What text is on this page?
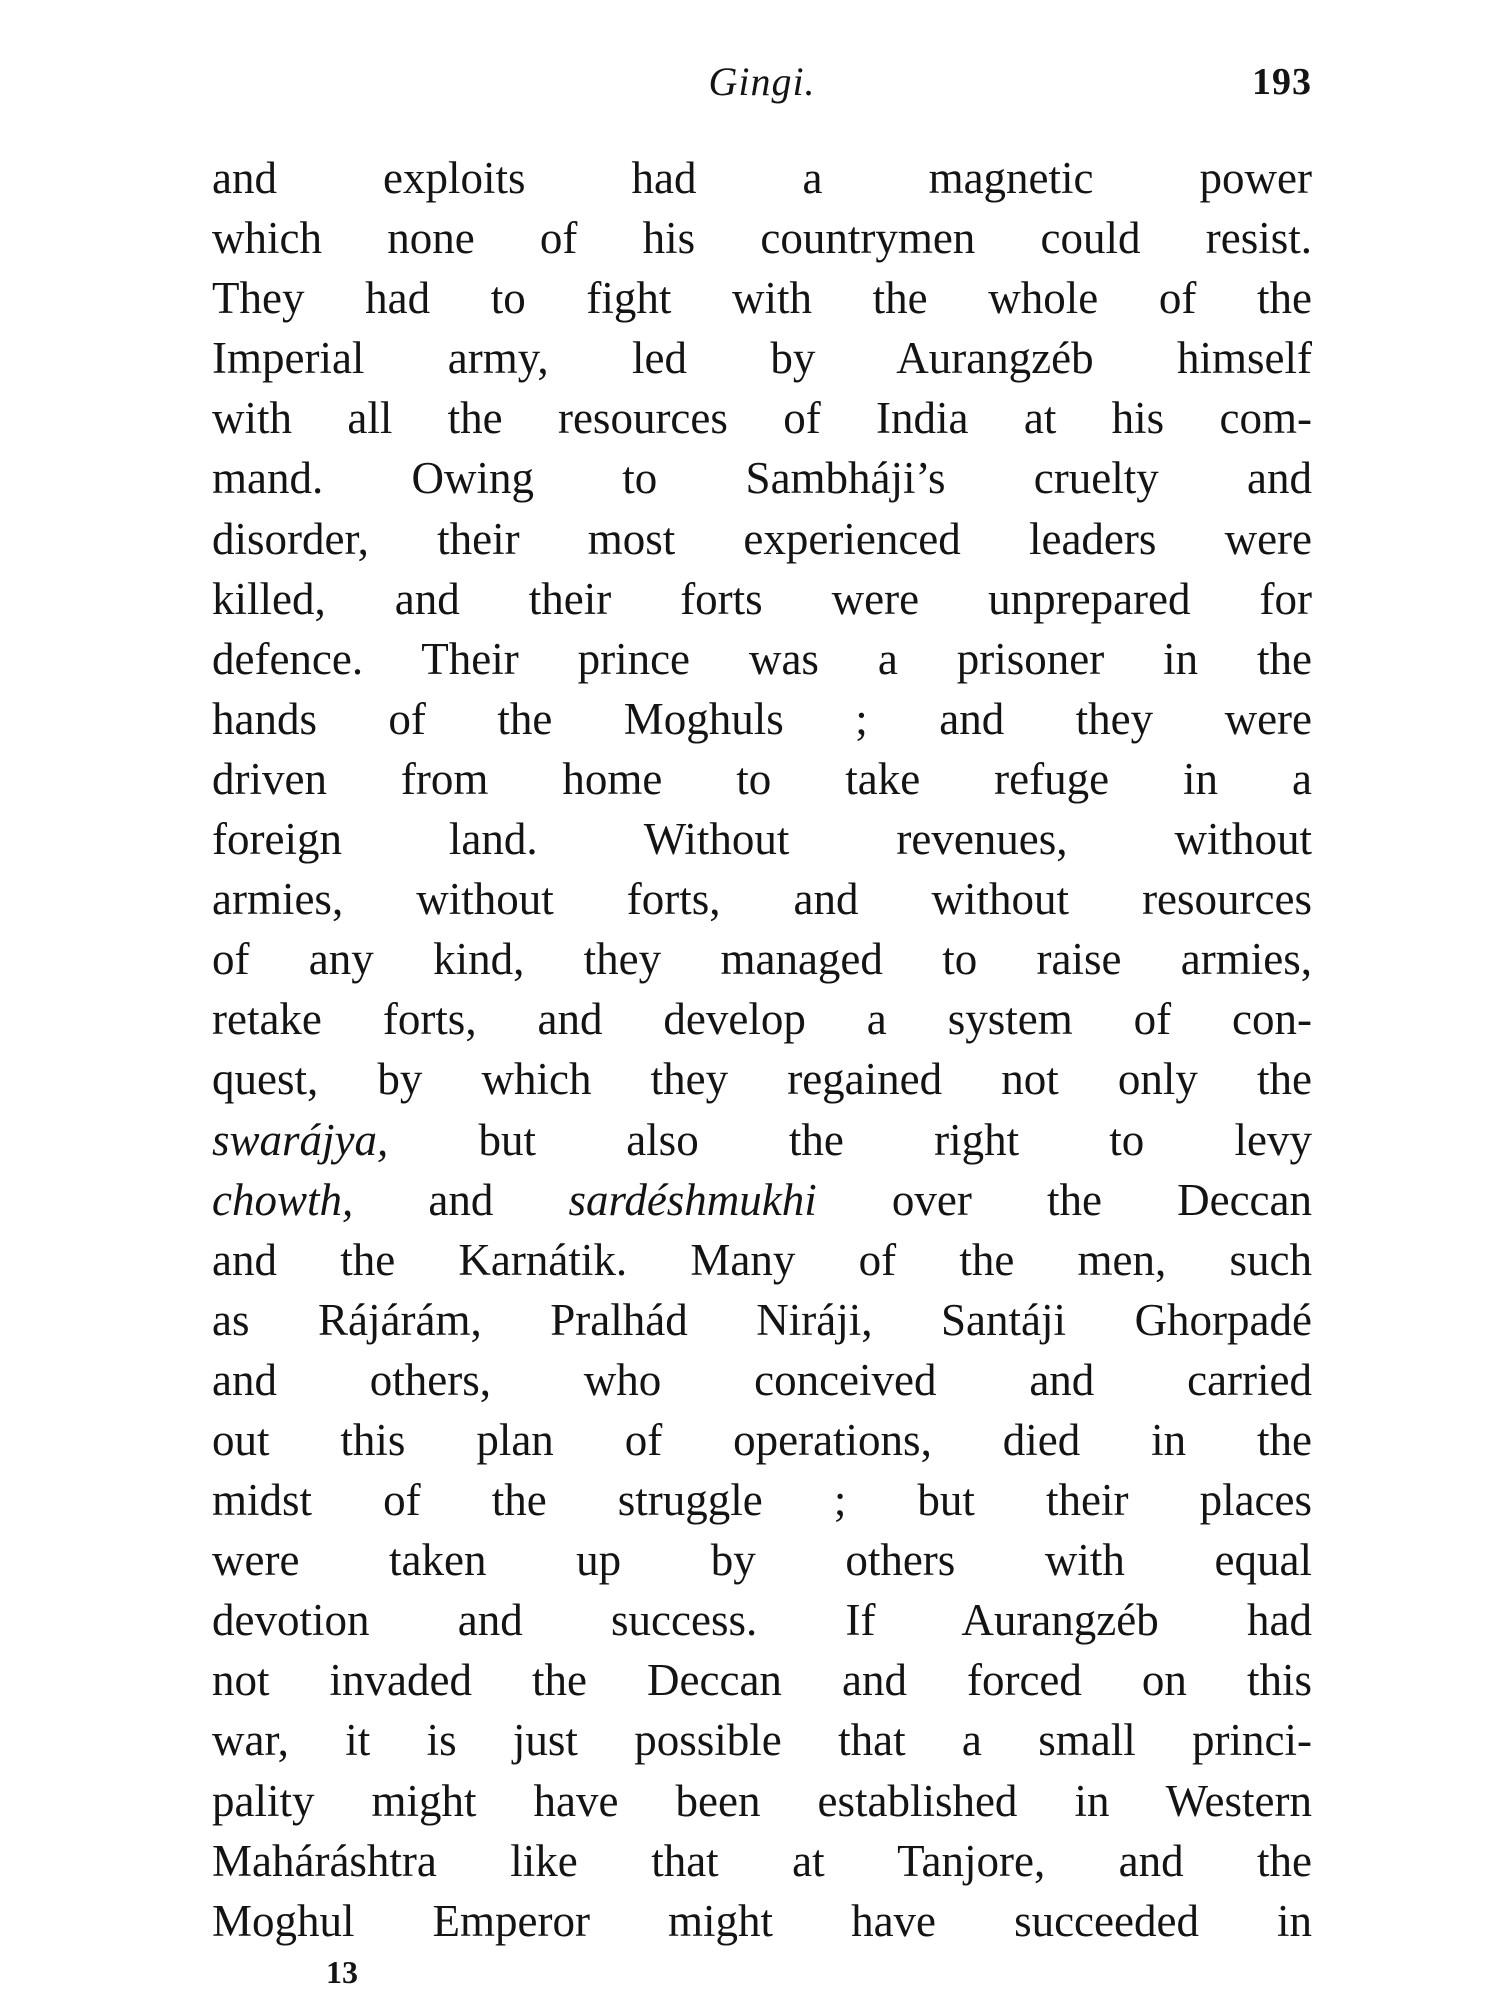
Gingi.	193
and exploits had a magnetic power
which none of his countrymen could resist.
They had to fight with the whole of the
Imperial army, led by Aurangzéb himself
with all the resources of India at his com-
mand. Owing to Sambháji’s cruelty and
disorder, their most experienced leaders were
killed, and their forts were unprepared for
defence. Their prince was a prisoner in the
hands of the Moghuls ; and they were
driven from home to take refuge in a
foreign land. Without revenues, without
armies, without forts, and without resources
of any kind, they managed to raise armies,
retake forts, and develop a system of con-
quest, by which they regained not only the
swarájya, but also the right to levy
chowth, and sardéshmukhi over the Deccan
and the Karnátik. Many of the men, such
as Rájárám, Pralhád Niráji, Santáji Ghorpadé
and others, who conceived and carried
out this plan of operations, died in the
midst of the struggle ; but their places
were taken up by others with equal
devotion and success. If Aurangzéb had
not invaded the Deccan and forced on this
war, it is just possible that a small princi-
pality might have been established in Western
Maháráshtra like that at Tanjore, and the
Moghul Emperor might have succeeded in
13
